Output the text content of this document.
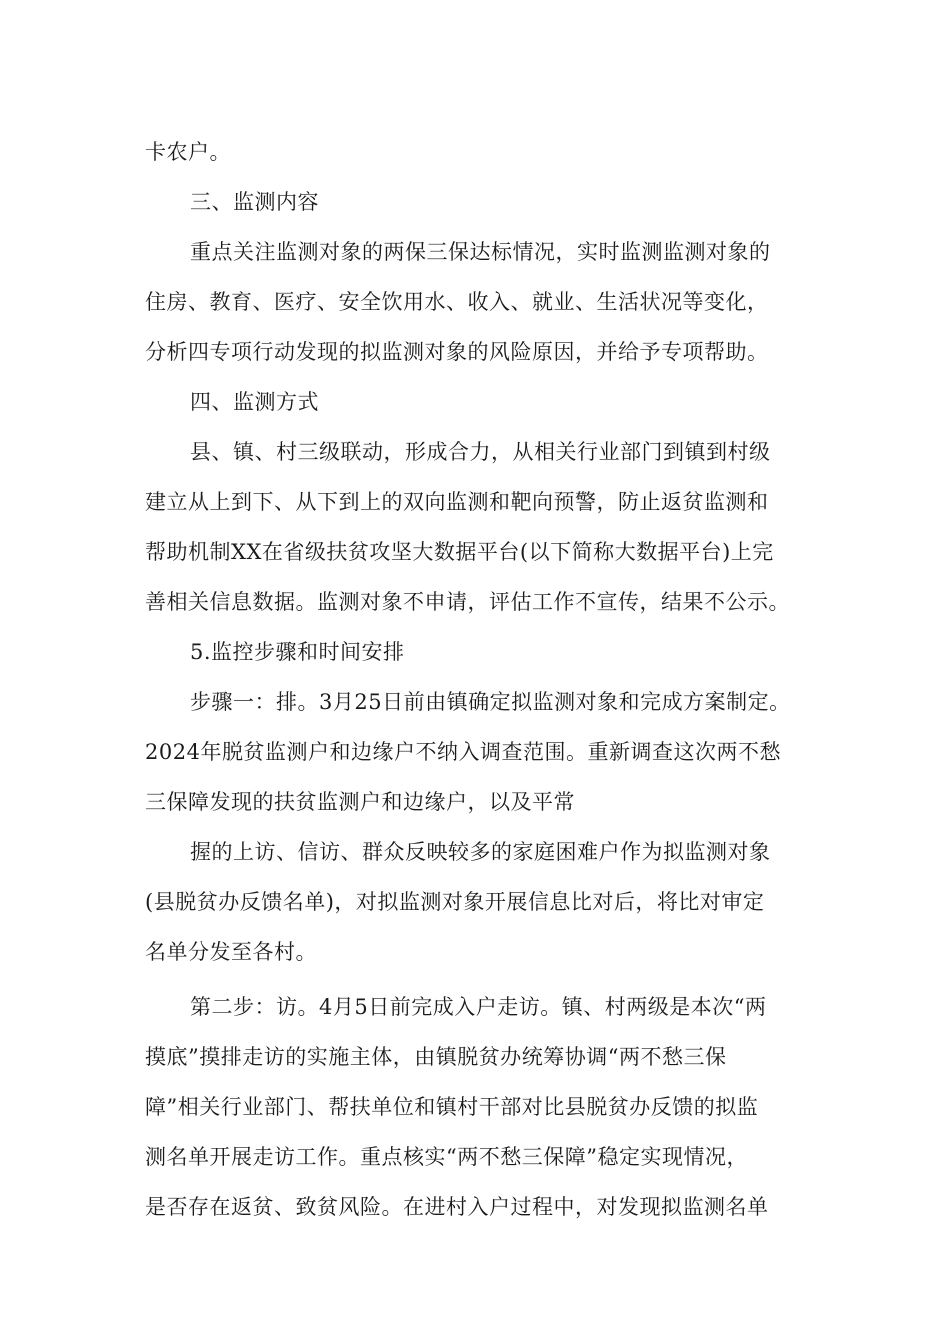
卡农户。
三、监测内容
重点关注监测对象的两保三保达标情况，实时监测监测对象的
住房、教育、医疗、安全饮用水、收入、就业、生活状况等变化，
分析四专项行动发现的拟监测对象的风险原因，并给予专项帮助。
四、监测方式
县、镇、村三级联动，形成合力，从相关行业部门到镇到村级
建立从上到下、从下到上的双向监测和靶向预警，防止返贫监测和
帮助机制XX在省级扶贫攻坚大数据平台(以下简称大数据平台)上完
善相关信息数据。监测对象不申请，评估工作不宣传，结果不公示。
5.监控步骤和时间安排
步骤一：排。3月25日前由镇确定拟监测对象和完成方案制定。
2024年脱贫监测户和边缘户不纳入调查范围。重新调查这次两不愁
三保障发现的扶贫监测户和边缘户，以及平常
握的上访、信访、群众反映较多的家庭困难户作为拟监测对象
(县脱贫办反馈名单)，对拟监测对象开展信息比对后，将比对审定
名单分发至各村。
第二步：访。4月5日前完成入户走访。镇、村两级是本次“两
摸底”摸排走访的实施主体，由镇脱贫办统筹协调“两不愁三保
障”相关行业部门、帮扶单位和镇村干部对比县脱贫办反馈的拟监
测名单开展走访工作。重点核实“两不愁三保障”稳定实现情况，
是否存在返贫、致贫风险。在进村入户过程中，对发现拟监测名单
